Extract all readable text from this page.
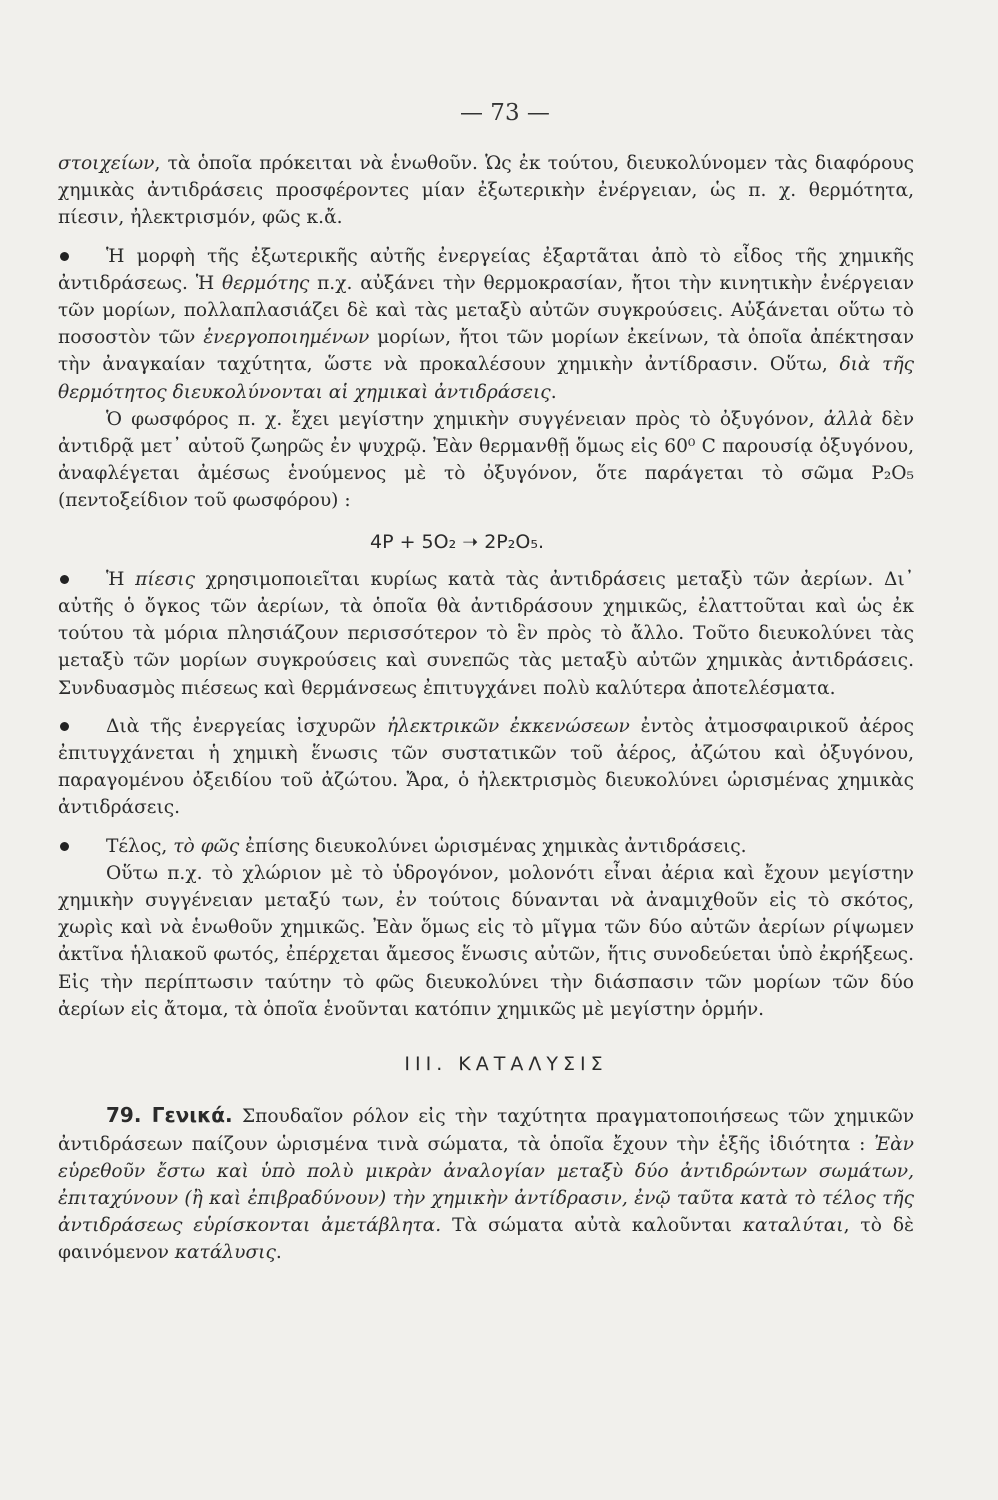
— 73 —

στοιχείων, τὰ ὁποῖα πρόκειται νὰ ἑνωθοῦν. Ὡς ἐκ τούτου, διευκολύνομεν τὰς διαφόρους χημικὰς ἀντιδράσεις προσφέροντες μίαν ἐξωτερικὴν ἐνέργειαν, ὡς π. χ. θερμότητα, πίεσιν, ἠλεκτρισμόν, φῶς κ.ἄ.

Ἡ μορφὴ τῆς ἐξωτερικῆς αὐτῆς ἐνεργείας ἐξαρτᾶται ἀπὸ τὸ εἶδος τῆς χημικῆς ἀντιδράσεως. Ἡ θερμότης π.χ. αὐξάνει τὴν θερμοκρασίαν, ἤτοι τὴν κινητικὴν ἐνέργειαν τῶν μορίων, πολλαπλασιάζει δὲ καὶ τὰς μεταξὺ αὐτῶν συγκρούσεις. Αὐξάνεται οὕτω τὸ ποσοστὸν τῶν ἐνεργοποιημένων μορίων, ἤτοι τῶν μορίων ἐκείνων, τὰ ὁποῖα ἀπέκτησαν τὴν ἀναγκαίαν ταχύτητα, ὥστε νὰ προκαλέσουν χημικὴν ἀντίδρασιν. Οὕτω, διὰ τῆς θερμότητος διευκολύνονται αἱ χημικαὶ ἀντιδράσεις.

Ὁ φωσφόρος π. χ. ἔχει μεγίστην χημικὴν συγγένειαν πρὸς τὸ ὀξυγόνον, ἀλλὰ δὲν ἀντιδρᾷ μετ᾽ αὐτοῦ ζωηρῶς ἐν ψυχρῷ. Ἐὰν θερμανθῇ ὅμως εἰς 60⁰ C παρουσίᾳ ὀξυγόνου, ἀναφλέγεται ἀμέσως ἑνούμενος μὲ τὸ ὀξυγόνον, ὅτε παράγεται τὸ σῶμα P₂O₅ (πεντοξείδιον τοῦ φωσφόρου) :

4P + 5O₂ ➝ 2P₂O₅.

Ἡ πίεσις χρησιμοποιεῖται κυρίως κατὰ τὰς ἀντιδράσεις μεταξὺ τῶν ἀερίων. Δι᾽ αὐτῆς ὁ ὄγκος τῶν ἀερίων, τὰ ὁποῖα θὰ ἀντιδράσουν χημικῶς, ἐλαττοῦται καὶ ὡς ἐκ τούτου τὰ μόρια πλησιάζουν περισσότερον τὸ ἓν πρὸς τὸ ἄλλο. Τοῦτο διευκολύνει τὰς μεταξὺ τῶν μορίων συγκρούσεις καὶ συνεπῶς τὰς μεταξὺ αὐτῶν χημικὰς ἀντιδράσεις. Συνδυασμὸς πιέσεως καὶ θερμάνσεως ἐπιτυγχάνει πολὺ καλύτερα ἀποτελέσματα.

Διὰ τῆς ἐνεργείας ἰσχυρῶν ἠλεκτρικῶν ἐκκενώσεων ἐντὸς ἀτμοσφαιρικοῦ ἀέρος ἐπιτυγχάνεται ἡ χημικὴ ἕνωσις τῶν συστατικῶν τοῦ ἀέρος, ἀζώτου καὶ ὀξυγόνου, παραγομένου ὀξειδίου τοῦ ἀζώτου. Ἄρα, ὁ ἠλεκτρισμὸς διευκολύνει ὡρισμένας χημικὰς ἀντιδράσεις.

Τέλος, τὸ φῶς ἐπίσης διευκολύνει ὡρισμένας χημικὰς ἀντιδράσεις.

Οὕτω π.χ. τὸ χλώριον μὲ τὸ ὑδρογόνον, μολονότι εἶναι ἀέρια καὶ ἔχουν μεγίστην χημικὴν συγγένειαν μεταξύ των, ἐν τούτοις δύνανται νὰ ἀναμιχθοῦν εἰς τὸ σκότος, χωρὶς καὶ νὰ ἑνωθοῦν χημικῶς. Ἐὰν ὅμως εἰς τὸ μῖγμα τῶν δύο αὐτῶν ἀερίων ρίψωμεν ἀκτῖνα ἡλιακοῦ φωτός, ἐπέρχεται ἄμεσος ἕνωσις αὐτῶν, ἥτις συνοδεύεται ὑπὸ ἐκρήξεως. Εἰς τὴν περίπτωσιν ταύτην τὸ φῶς διευκολύνει τὴν διάσπασιν τῶν μορίων τῶν δύο ἀερίων εἰς ἄτομα, τὰ ὁποῖα ἑνοῦνται κατόπιν χημικῶς μὲ μεγίστην ὁρμήν.

ΙΙΙ. ΚΑΤΑΛΥΣΙΣ

79. Γενικά. Σπουδαῖον ρόλον εἰς τὴν ταχύτητα πραγματοποιήσεως τῶν χημικῶν ἀντιδράσεων παίζουν ὡρισμένα τινὰ σώματα, τὰ ὁποῖα ἔχουν τὴν ἑξῆς ἰδιότητα : Ἐὰν εὑρεθοῦν ἔστω καὶ ὑπὸ πολὺ μικρὰν ἀναλογίαν μεταξὺ δύο ἀντιδρώντων σωμάτων, ἐπιταχύνουν (ἢ καὶ ἐπιβραδύνουν) τὴν χημικὴν ἀντίδρασιν, ἐνῷ ταῦτα κατὰ τὸ τέλος τῆς ἀντιδράσεως εὑρίσκονται ἀμετάβλητα. Τὰ σώματα αὐτὰ καλοῦνται καταλύται, τὸ δὲ φαινόμενον κατάλυσις.
